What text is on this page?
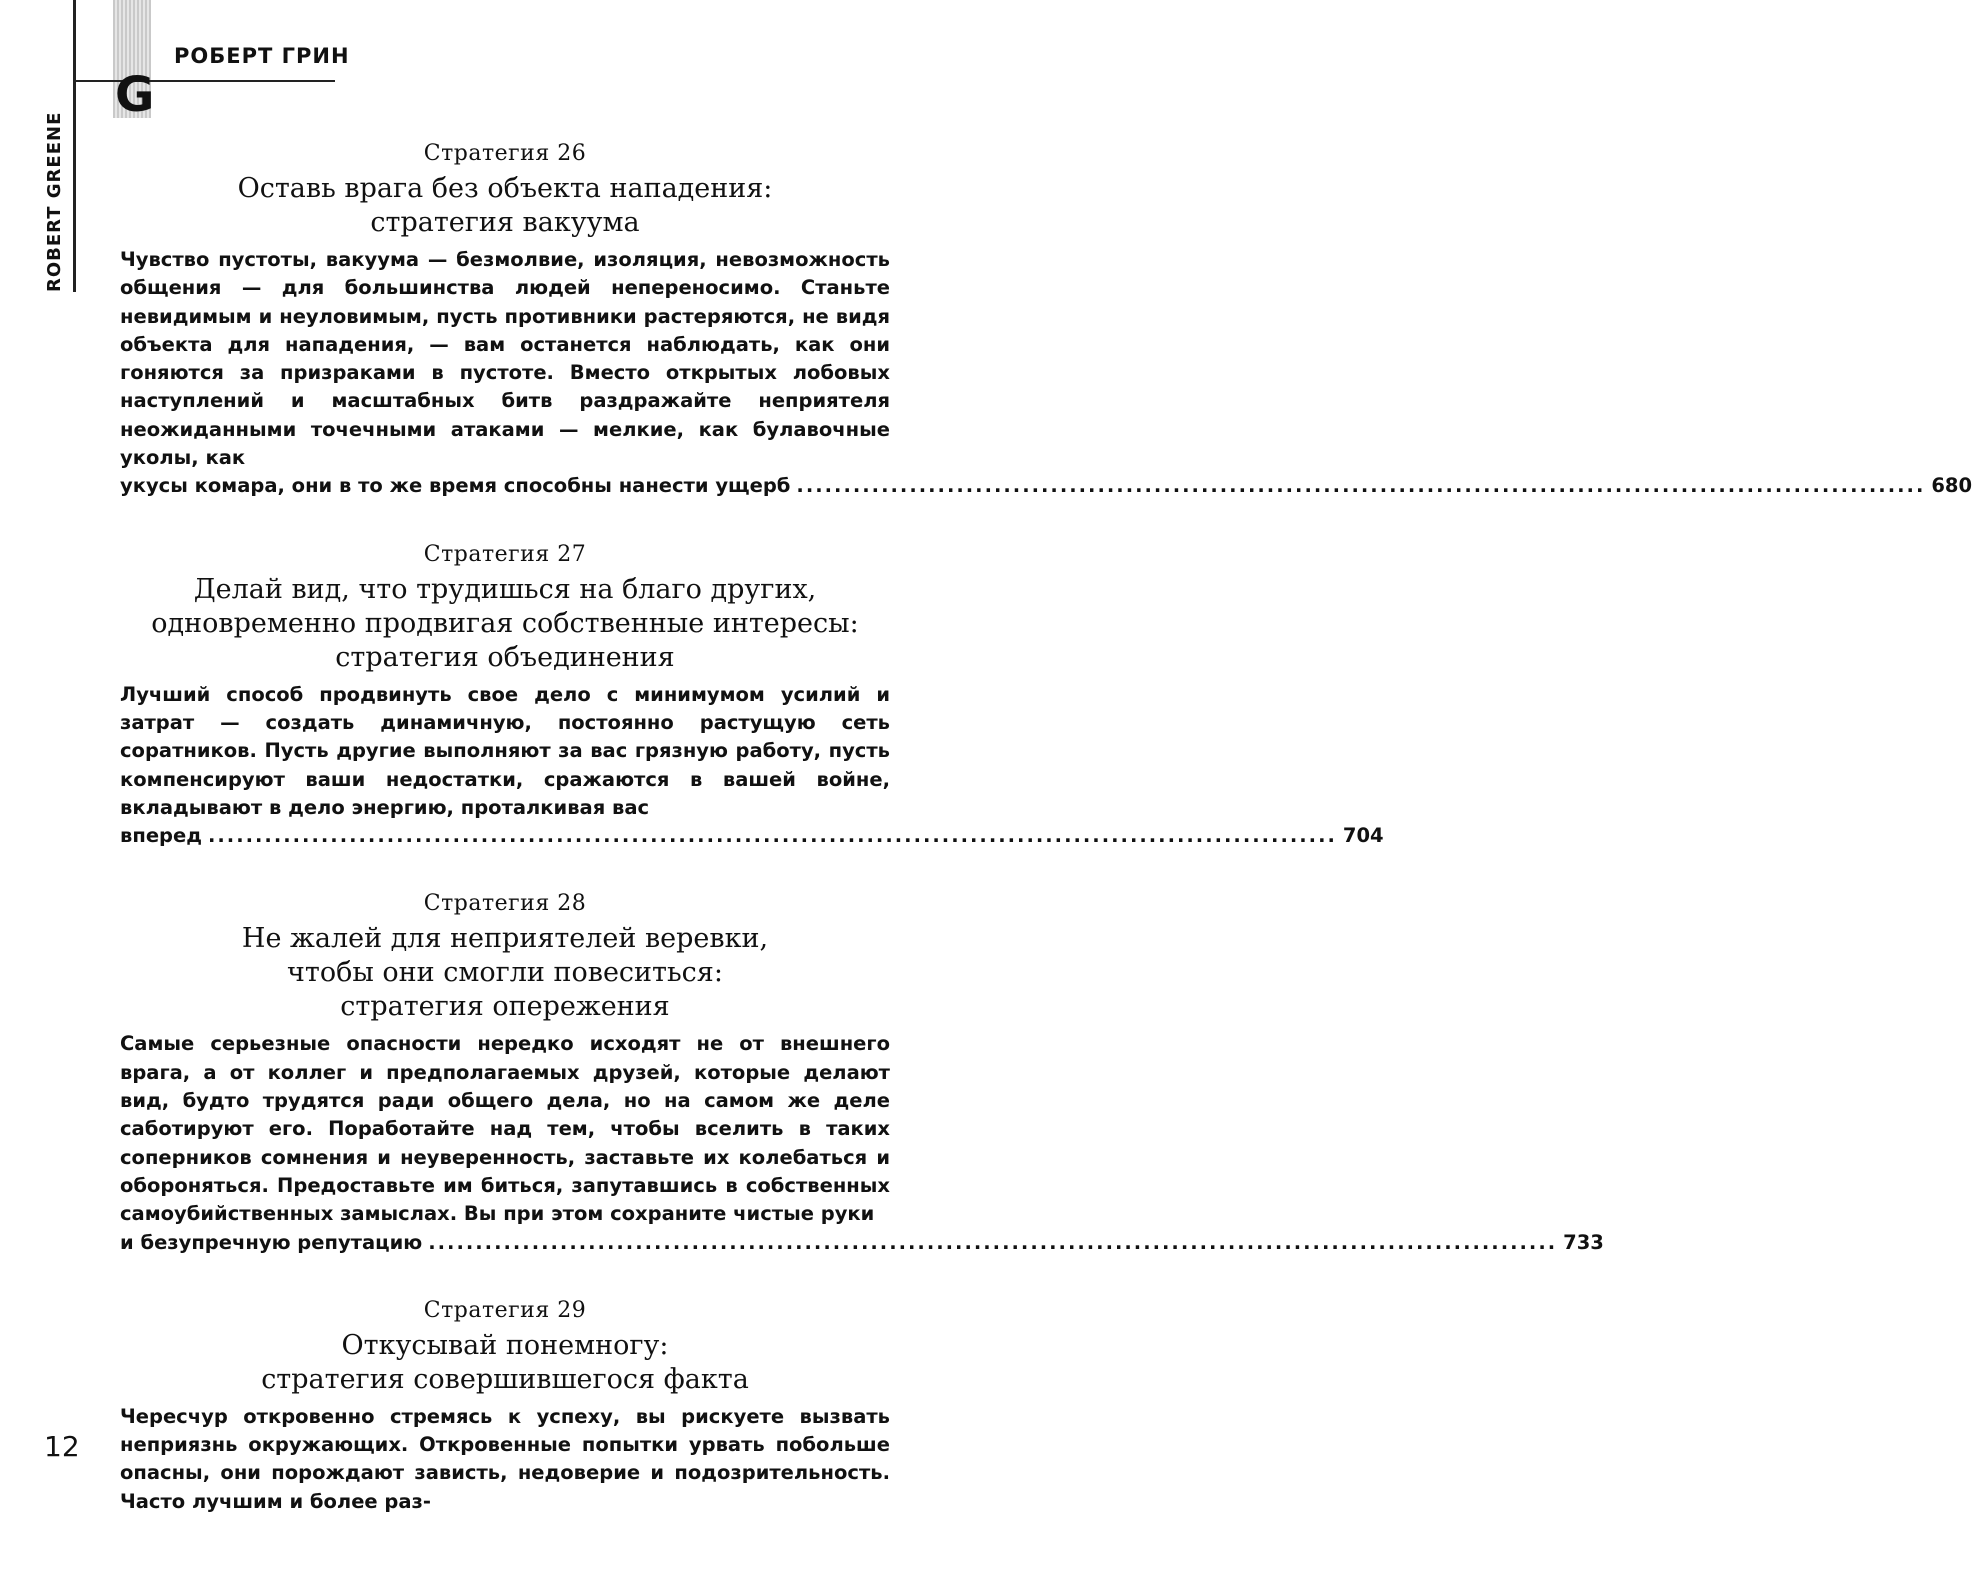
G
РОБЕРТ ГРИН
ROBERT GREENE	Стратегия 26
Оставь врага без объекта нападения:
стратегия вакуума

Чувство пустоты, вакуума — безмолвие, изоляция, невозможность общения — для большинства людей непереносимо. Станьте невидимым и неуловимым, пусть противники растеряются, не видя объекта для нападения, — вам останется наблюдать, как они гоняются за призраками в пустоте. Вместо открытых лобовых наступлений и масштабных битв раздражайте неприятеля неожиданными точечными атаками — мелкие, как булавочные уколы, как
укусы комара, они в то же время способны нанести ущерб ........................................................................................................................ 680

Стратегия 27
Делай вид, что трудишься на благо других,
одновременно продвигая собственные интересы:
стратегия объединения

Лучший способ продвинуть свое дело с минимумом усилий и затрат — создать динамичную, постоянно растущую сеть соратников. Пусть другие выполняют за вас грязную работу, пусть компенсируют ваши недостатки, сражаются в вашей войне, вкладывают в дело энергию, проталкивая вас
вперед ........................................................................................................................ 704

Стратегия 28
Не жалей для неприятелей веревки,
чтобы они смогли повеситься:
стратегия опережения

Самые серьезные опасности нередко исходят не от внешнего врага, а от коллег и предполагаемых друзей, которые делают вид, будто трудятся ради общего дела, но на самом же деле саботируют его. Поработайте над тем, чтобы вселить в таких соперников сомнения и неуверенность, заставьте их колебаться и обороняться. Предоставьте им биться, запутавшись в собственных самоубийственных замыслах. Вы при этом сохраните чистые руки
и безупречную репутацию ........................................................................................................................ 733

Стратегия 29
Откусывай понемногу:
стратегия совершившегося факта

Чересчур откровенно стремясь к успеху, вы рискуете вызвать неприязнь окружающих. Откровенные попытки урвать побольше опасны, они порождают зависть, недоверие и подозрительность. Часто лучшим и более раз-

12
